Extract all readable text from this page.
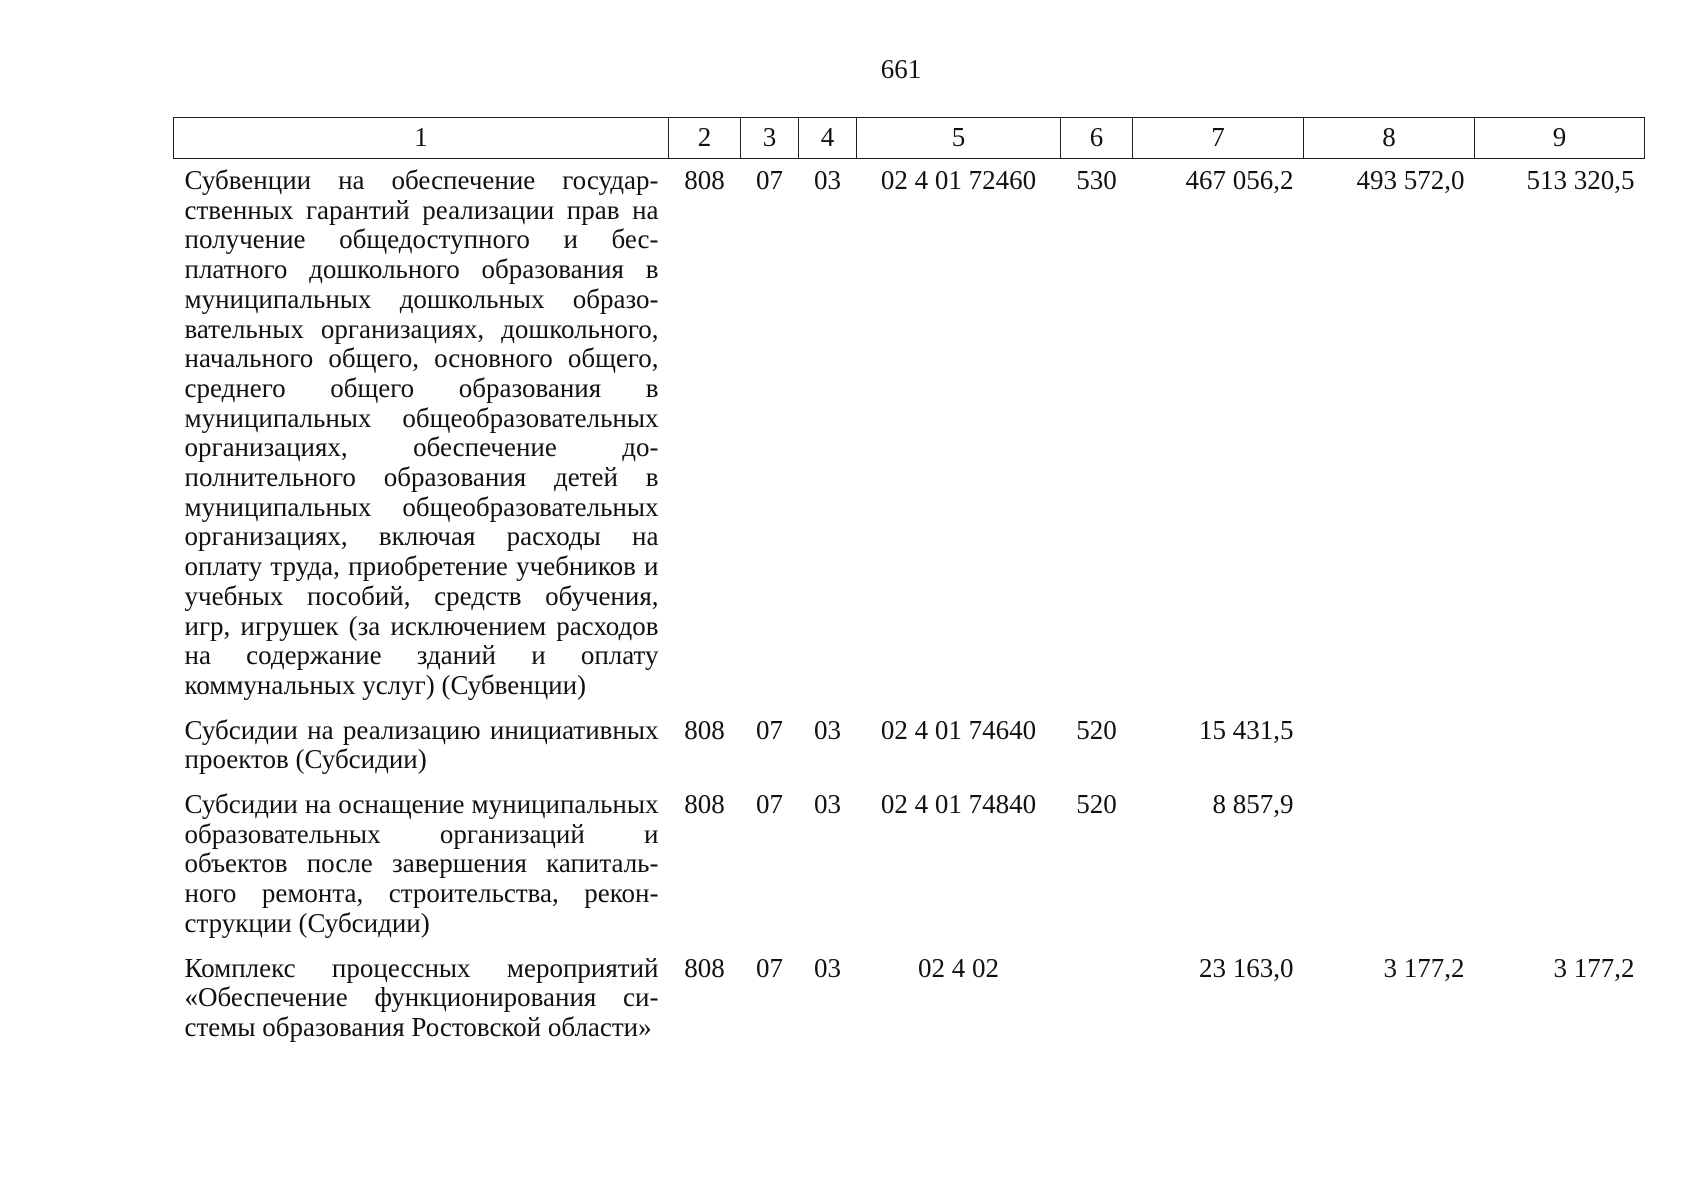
661
1	2	3	4	5	6	7	8	9
Субвенции на обеспечение государственных гарантий реализации прав на получение общедоступного и бесплатного дошкольного образования в муниципальных дошкольных образовательных организациях, дошкольного, начального общего, основного общего, среднего общего образования в муниципальных общеобразовательных организациях, обеспечение дополнительного образования детей в муниципальных общеобразовательных организациях, включая расходы на оплату труда, приобретение учебников и учебных пособий, средств обучения, игр, игрушек (за исключением расходов на содержание зданий и оплату коммунальных услуг) (Субвенции)	808	07	03	02 4 01 72460	530	467 056,2	493 572,0	513 320,5
Субсидии на реализацию инициативных проектов (Субсидии)	808	07	03	02 4 01 74640	520	15 431,5		
Субсидии на оснащение муниципальных образовательных организаций и объектов после завершения капитального ремонта, строительства, реконструкции (Субсидии)	808	07	03	02 4 01 74840	520	8 857,9		
Комплекс процессных мероприятий «Обеспечение функционирования системы образования Ростовской области»	808	07	03	02 4 02		23 163,0	3 177,2	3 177,2
